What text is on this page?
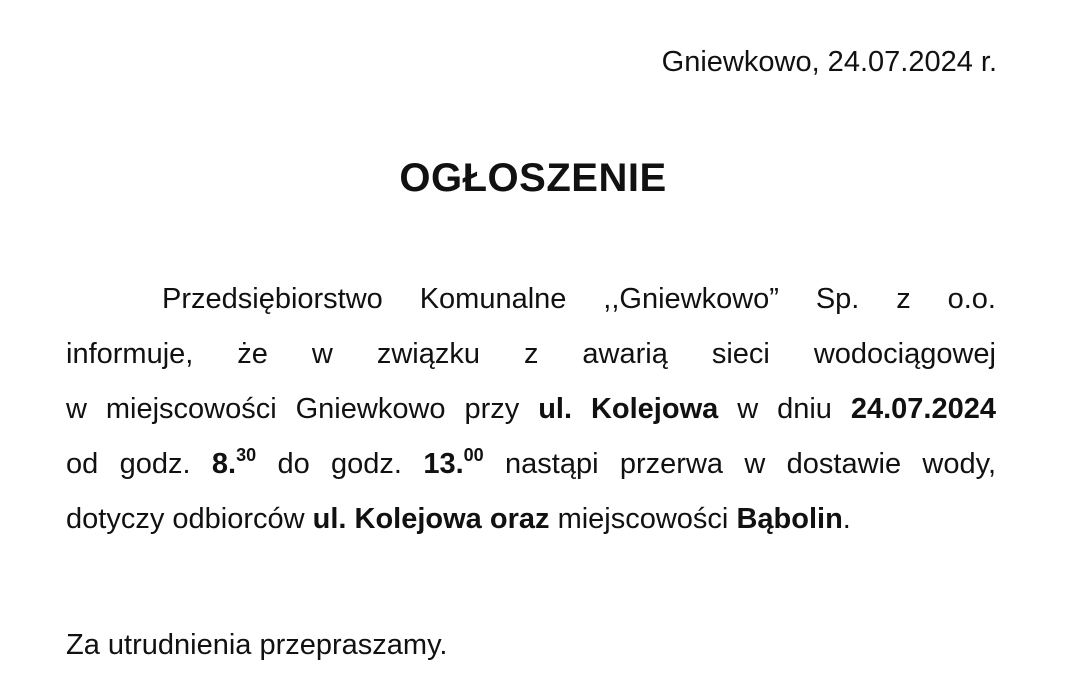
Gniewkowo, 24.07.2024 r.
OGŁOSZENIE
Przedsiębiorstwo Komunalne ,,Gniewkowo” Sp. z o.o.
informuje, że w związku z awarią sieci wodociągowej
w miejscowości Gniewkowo przy ul. Kolejowa w dniu 24.07.2024
od godz. 8.30 do godz. 13.00 nastąpi przerwa w dostawie wody,
dotyczy odbiorców ul. Kolejowa oraz miejscowości Bąbolin.
Za utrudnienia przepraszamy.
